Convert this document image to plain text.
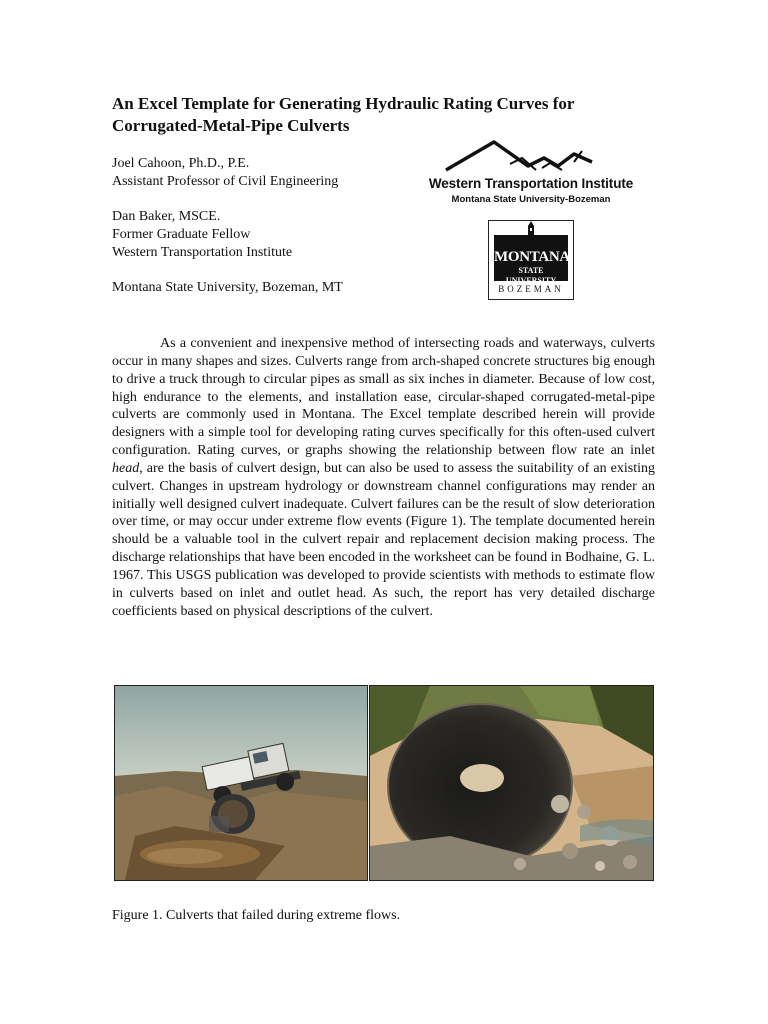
An Excel Template for Generating Hydraulic Rating Curves for Corrugated-Metal-Pipe Culverts

Joel Cahoon, Ph.D., P.E.

Assistant Professor of Civil Engineering

Dan Baker, MSCE.

Former Graduate Fellow

Western Transportation Institute

Montana State University, Bozeman, MT

Western Transportation Institute
Montana State University-Bozeman
MONTANA
STATE UNIVERSITY
BOZEMAN

As a convenient and inexpensive method of intersecting roads and waterways, culverts occur in many shapes and sizes. Culverts range from arch-shaped concrete structures big enough to drive a truck through to circular pipes as small as six inches in diameter. Because of low cost, high endurance to the elements, and installation ease, circular-shaped corrugated-metal-pipe culverts are commonly used in Montana. The Excel template described herein will provide designers with a simple tool for developing rating curves specifically for this often-used culvert configuration. Rating curves, or graphs showing the relationship between flow rate an inlet head, are the basis of culvert design, but can also be used to assess the suitability of an existing culvert. Changes in upstream hydrology or downstream channel configurations may render an initially well designed culvert inadequate. Culvert failures can be the result of slow deterioration over time, or may occur under extreme flow events (Figure 1). The template documented herein should be a valuable tool in the culvert repair and replacement decision making process. The discharge relationships that have been encoded in the worksheet can be found in Bodhaine, G. L. 1967. This USGS publication was developed to provide scientists with methods to estimate flow in culverts based on inlet and outlet head. As such, the report has very detailed discharge coefficients based on physical descriptions of the culvert.

Figure 1. Culverts that failed during extreme flows.
